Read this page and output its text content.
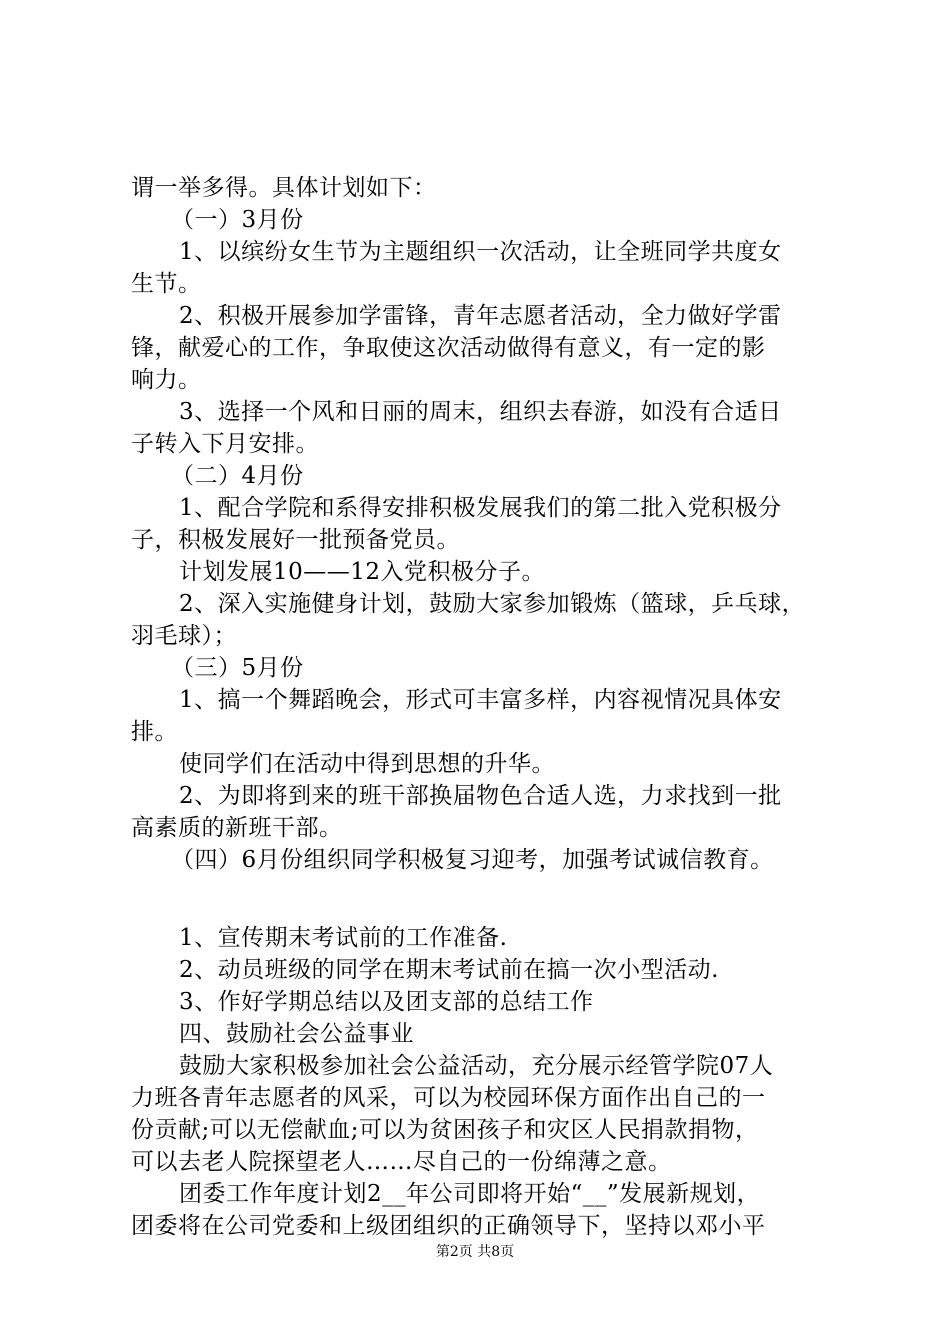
谓一举多得。具体计划如下：
（一）3月份
1、以缤纷女生节为主题组织一次活动，让全班同学共度女
生节。
2、积极开展参加学雷锋，青年志愿者活动，全力做好学雷
锋，献爱心的工作，争取使这次活动做得有意义，有一定的影
响力。
3、选择一个风和日丽的周末，组织去春游，如没有合适日
子转入下月安排。
（二）4月份
1、配合学院和系得安排积极发展我们的第二批入党积极分
子，积极发展好一批预备党员。
计划发展10——12入党积极分子。
2、深入实施健身计划，鼓励大家参加锻炼（篮球，乒乓球，
羽毛球）；
（三）5月份
1、搞一个舞蹈晚会，形式可丰富多样，内容视情况具体安
排。
使同学们在活动中得到思想的升华。
2、为即将到来的班干部换届物色合适人选，力求找到一批
高素质的新班干部。
（四）6月份组织同学积极复习迎考，加强考试诚信教育。
1、宣传期末考试前的工作准备.
2、动员班级的同学在期末考试前在搞一次小型活动.
3、作好学期总结以及团支部的总结工作
四、鼓励社会公益事业
鼓励大家积极参加社会公益活动，充分展示经管学院07人
力班各青年志愿者的风采，可以为校园环保方面作出自己的一
份贡献;可以无偿献血;可以为贫困孩子和灾区人民捐款捐物，
可以去老人院探望老人……尽自己的一份绵薄之意。
团委工作年度计划2__年公司即将开始“__”发展新规划，
团委将在公司党委和上级团组织的正确领导下，坚持以邓小平
第2页 共8页
